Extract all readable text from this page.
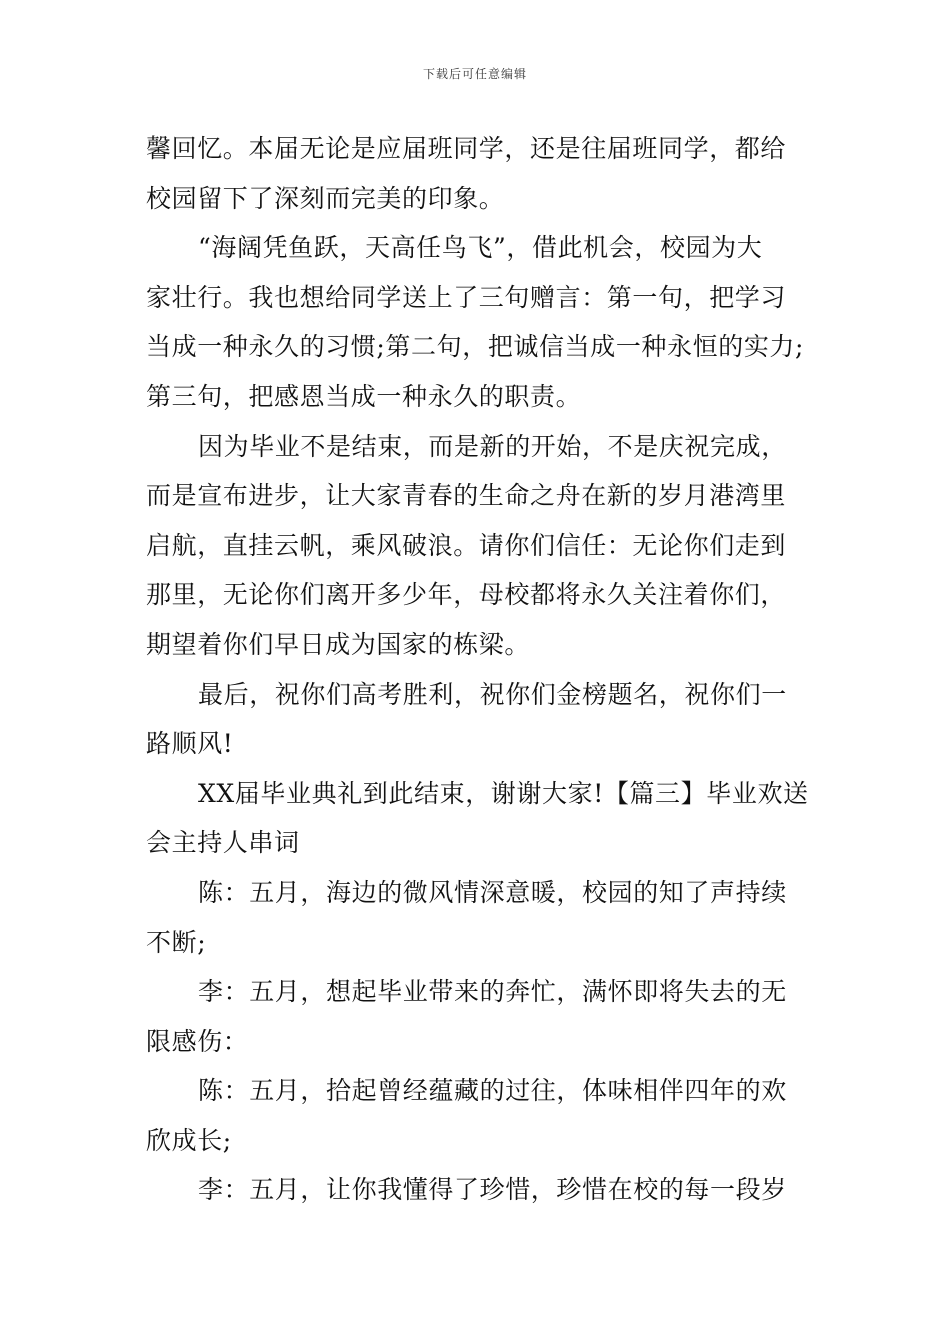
下载后可任意编辑
馨回忆。本届无论是应届班同学，还是往届班同学，都给
校园留下了深刻而完美的印象。
“海阔凭鱼跃，天高任鸟飞”，借此机会，校园为大
家壮行。我也想给同学送上了三句赠言：第一句，把学习
当成一种永久的习惯;第二句，把诚信当成一种永恒的实力;
第三句，把感恩当成一种永久的职责。
因为毕业不是结束，而是新的开始，不是庆祝完成，
而是宣布进步，让大家青春的生命之舟在新的岁月港湾里
启航，直挂云帆，乘风破浪。请你们信任：无论你们走到
那里，无论你们离开多少年，母校都将永久关注着你们，
期望着你们早日成为国家的栋梁。
最后，祝你们高考胜利，祝你们金榜题名，祝你们一
路顺风!
XX届毕业典礼到此结束，谢谢大家!【篇三】毕业欢送
会主持人串词
陈：五月，海边的微风情深意暖，校园的知了声持续
不断;
李：五月，想起毕业带来的奔忙，满怀即将失去的无
限感伤：
陈：五月，拾起曾经蕴藏的过往，体味相伴四年的欢
欣成长;
李：五月，让你我懂得了珍惜，珍惜在校的每一段岁
